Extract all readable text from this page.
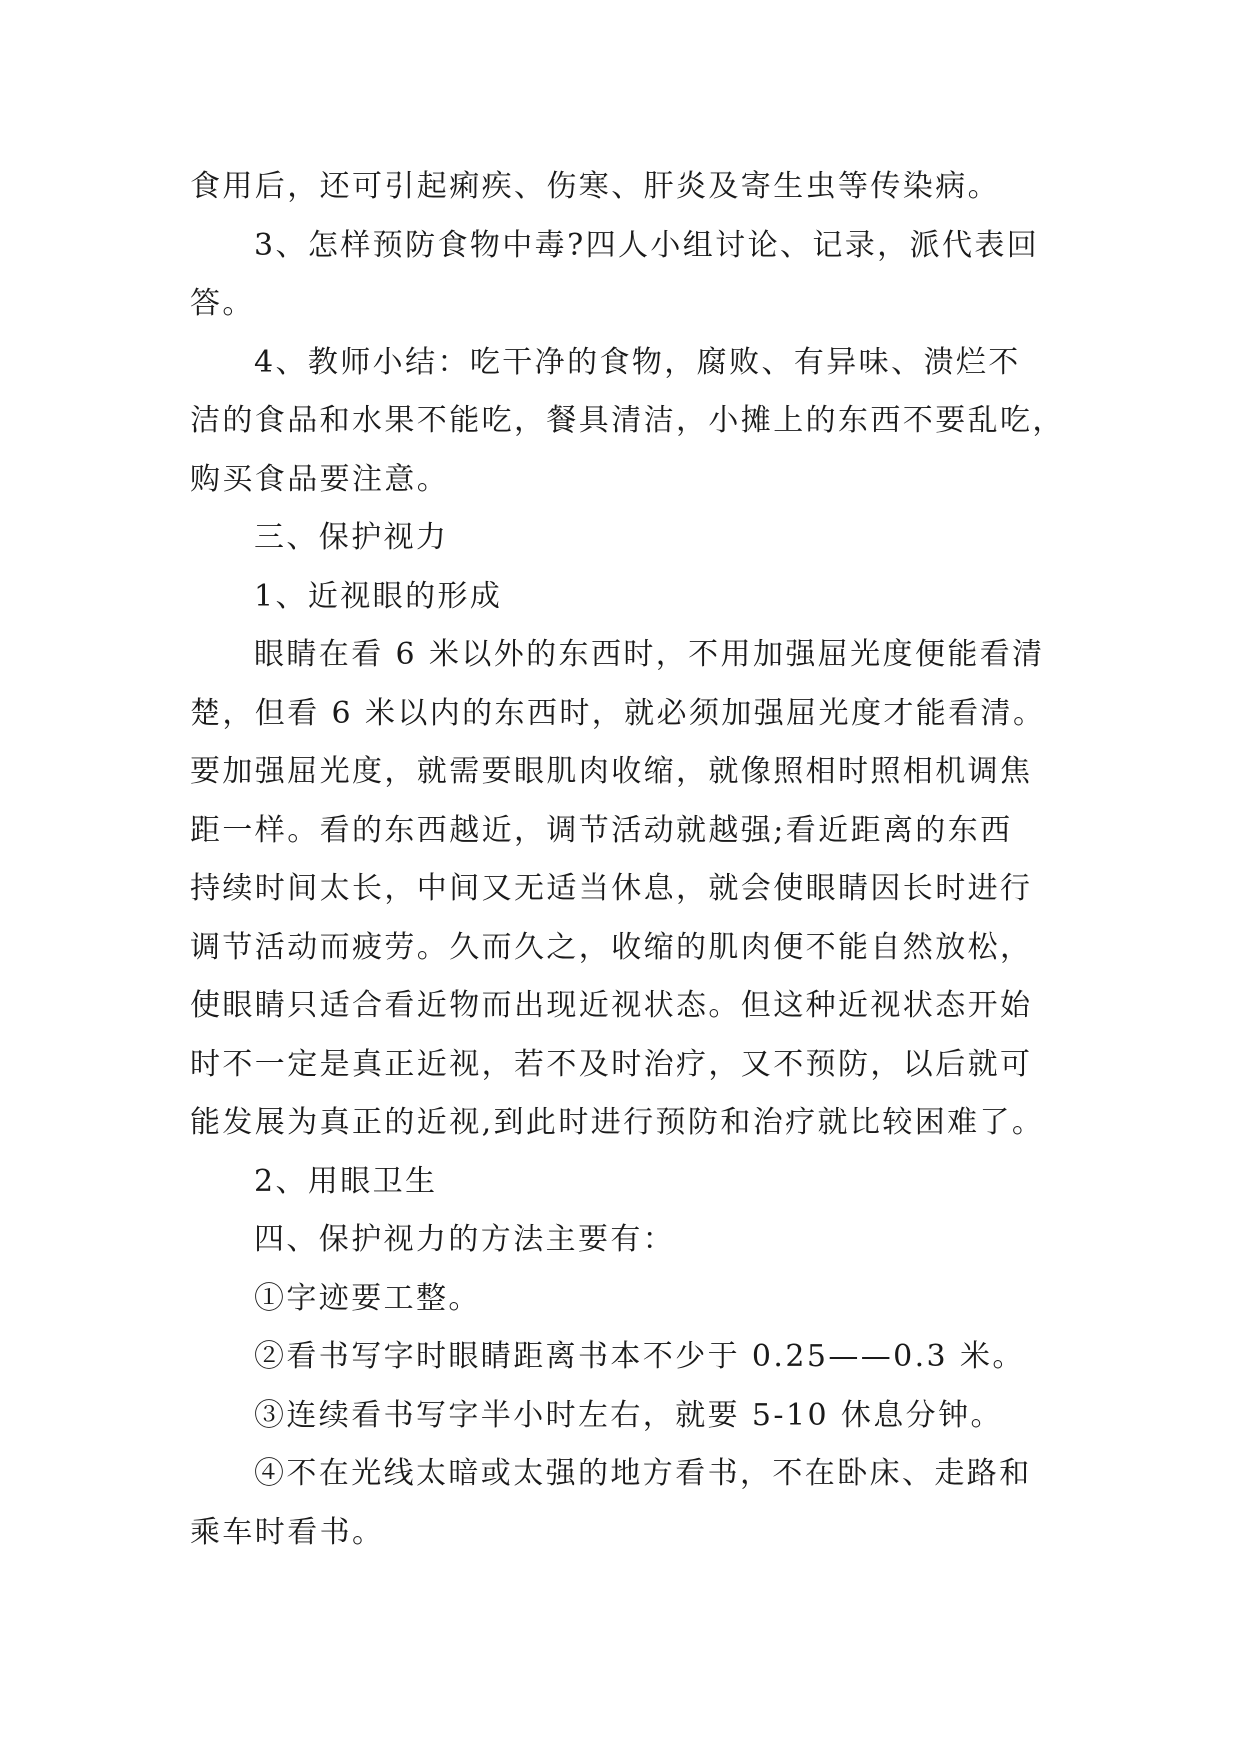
食用后，还可引起痢疾、伤寒、肝炎及寄生虫等传染病。
3、怎样预防食物中毒?四人小组讨论、记录，派代表回
答。
4、教师小结：吃干净的食物，腐败、有异味、溃烂不
洁的食品和水果不能吃，餐具清洁，小摊上的东西不要乱吃，
购买食品要注意。
三、保护视力
1、近视眼的形成
眼睛在看 6 米以外的东西时，不用加强屈光度便能看清
楚，但看 6 米以内的东西时，就必须加强屈光度才能看清。
要加强屈光度，就需要眼肌肉收缩，就像照相时照相机调焦
距一样。看的东西越近，调节活动就越强;看近距离的东西
持续时间太长，中间又无适当休息，就会使眼睛因长时进行
调节活动而疲劳。久而久之，收缩的肌肉便不能自然放松，
使眼睛只适合看近物而出现近视状态。但这种近视状态开始
时不一定是真正近视，若不及时治疗，又不预防，以后就可
能发展为真正的近视,到此时进行预防和治疗就比较困难了。
2、用眼卫生
四、保护视力的方法主要有：
①字迹要工整。
②看书写字时眼睛距离书本不少于 0.25——0.3 米。
③连续看书写字半小时左右，就要 5-10 休息分钟。
④不在光线太暗或太强的地方看书，不在卧床、走路和
乘车时看书。
